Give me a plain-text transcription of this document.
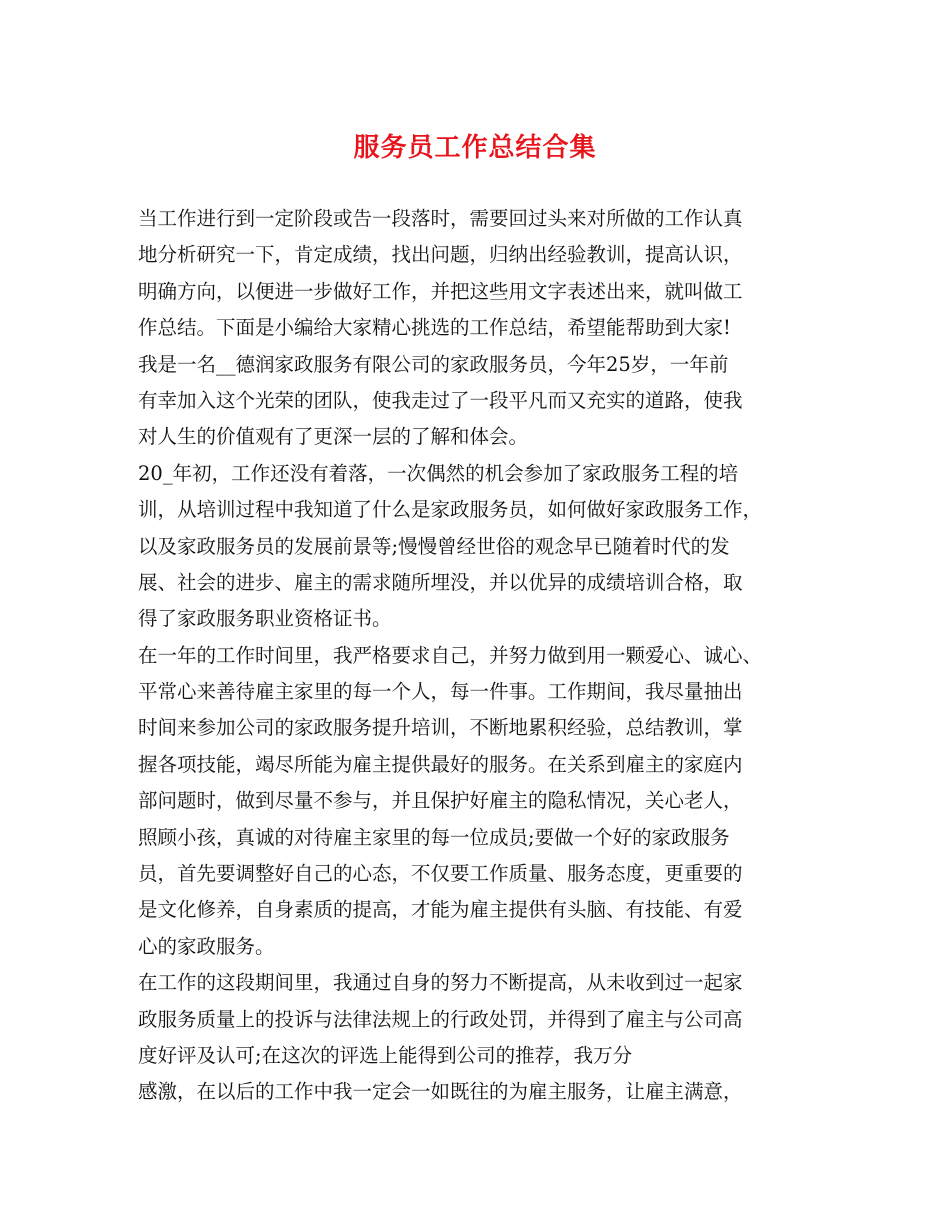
服务员工作总结合集
当工作进行到一定阶段或告一段落时，需要回过头来对所做的工作认真
地分析研究一下，肯定成绩，找出问题，归纳出经验教训，提高认识，
明确方向，以便进一步做好工作，并把这些用文字表述出来，就叫做工
作总结。下面是小编给大家精心挑选的工作总结，希望能帮助到大家!
我是一名__德润家政服务有限公司的家政服务员，今年25岁，一年前
有幸加入这个光荣的团队，使我走过了一段平凡而又充实的道路，使我
对人生的价值观有了更深一层的了解和体会。
20_年初，工作还没有着落，一次偶然的机会参加了家政服务工程的培
训，从培训过程中我知道了什么是家政服务员，如何做好家政服务工作，
以及家政服务员的发展前景等;慢慢曾经世俗的观念早已随着时代的发
展、社会的进步、雇主的需求随所埋没，并以优异的成绩培训合格，取
得了家政服务职业资格证书。
在一年的工作时间里，我严格要求自己，并努力做到用一颗爱心、诚心、
平常心来善待雇主家里的每一个人，每一件事。工作期间，我尽量抽出
时间来参加公司的家政服务提升培训，不断地累积经验，总结教训，掌
握各项技能，竭尽所能为雇主提供最好的服务。在关系到雇主的家庭内
部问题时，做到尽量不参与，并且保护好雇主的隐私情况，关心老人，
照顾小孩，真诚的对待雇主家里的每一位成员;要做一个好的家政服务
员，首先要调整好自己的心态，不仅要工作质量、服务态度，更重要的
是文化修养，自身素质的提高，才能为雇主提供有头脑、有技能、有爱
心的家政服务。
在工作的这段期间里，我通过自身的努力不断提高，从未收到过一起家
政服务质量上的投诉与法律法规上的行政处罚，并得到了雇主与公司高
度好评及认可;在这次的评选上能得到公司的推荐，我万分
感激，在以后的工作中我一定会一如既往的为雇主服务，让雇主满意，
